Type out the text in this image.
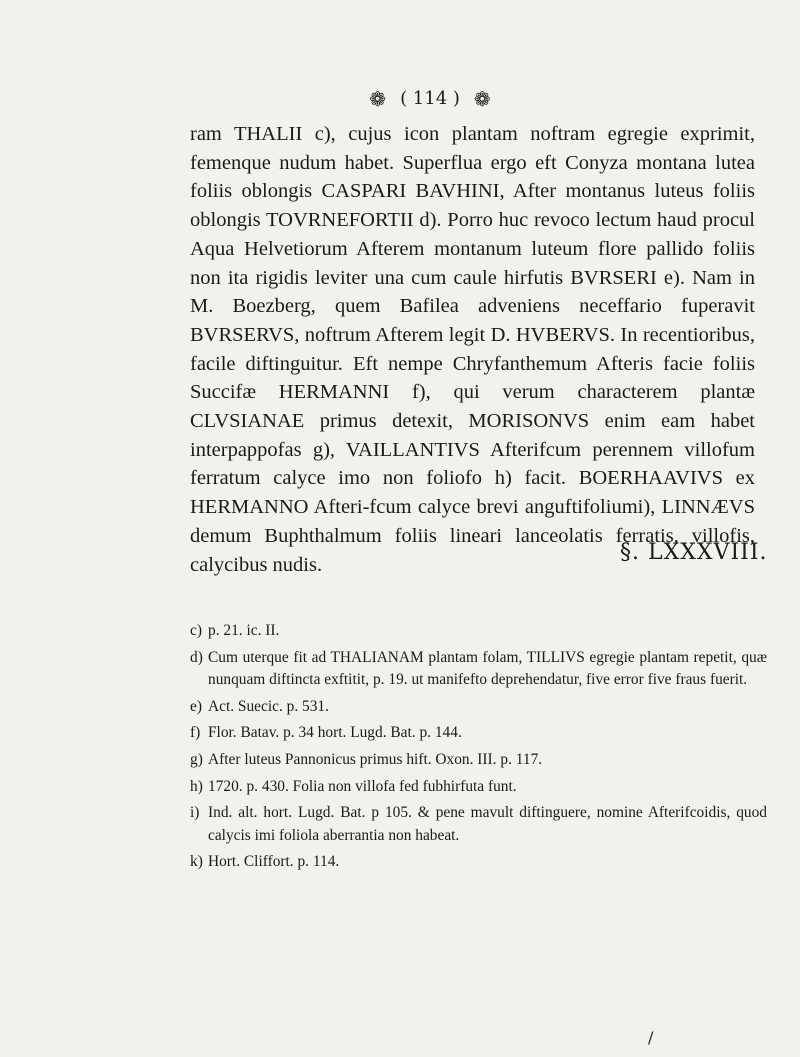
❁ ( 114 ) ❁

ram THALII c), cujus icon plantam noftram egregie exprimit, femenque nudum habet. Superflua ergo eft Conyza montana lutea foliis oblongis CASPARI BAVHINI, After montanus luteus foliis oblongis TOVRNEFORTII d). Porro huc revoco lectum haud procul Aqua Helvetiorum Afterem montanum luteum flore pallido foliis non ita rigidis leviter una cum caule hirfutis BVRSERI e). Nam in M. Boezberg, quem Bafilea adveniens neceffario fuperavit BVRSERVS, noftrum Afterem legit D. HVBERVS. In recentioribus, facile diftinguitur. Eft nempe Chryfanthemum Afteris facie foliis Succifæ HERMANNI f), qui verum characterem plantæ CLVSIANAE primus detexit, MORISONVS enim eam habet interpappofas g), VAILLANTIVS Afterifcum perennem villofum ferratum calyce imo non foliofo h) facit. BOERHAAVIVS ex HERMANNO Afteri-fcum calyce brevi anguftifoliumi), LINNÆVS demum Buphthalmum foliis lineari lanceolatis ferratis, villofis, calycibus nudis.	§. LXXXVIII.
c) p. 21. ic. II.
d) Cum uterque fit ad THALIANAM plantam folam, TILLIVS egregie plantam repetit, quæ nunquam diftincta exftitit, p. 19. ut manifefto deprehendatur, five error five fraus fuerit.
e) Act. Suecic. p. 531.
f) Flor. Batav. p. 34 hort. Lugd. Bat. p. 144.
g) After luteus Pannonicus primus hift. Oxon. III. p. 117.
h) 1720. p. 430. Folia non villofa fed fubhirfuta funt.
i) Ind. alt. hort. Lugd. Bat. p 105. & pene mavult diftinguere, nomine Afterifcoidis, quod calycis imi foliola aberrantia non habeat.
k) Hort. Cliffort. p. 114.
/
